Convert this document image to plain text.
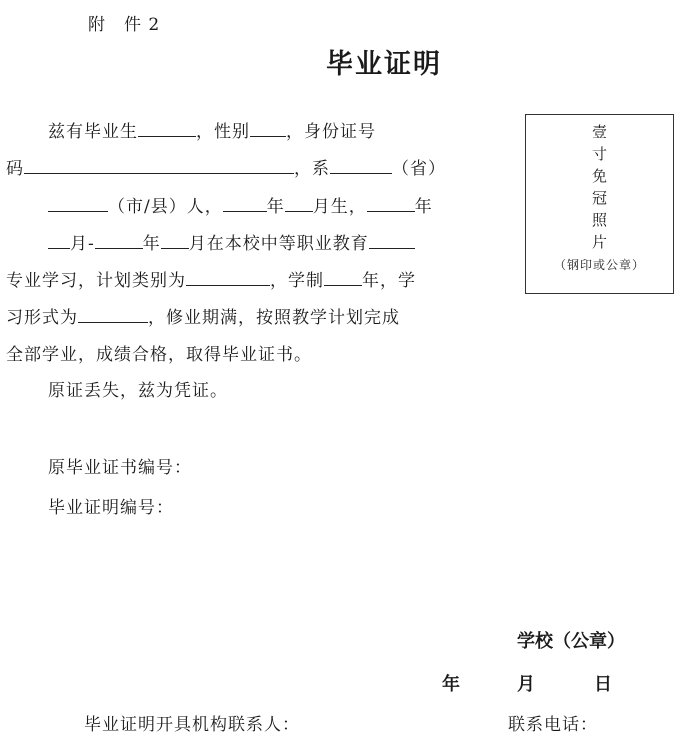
附　件 2
毕业证明
兹有毕业生	，性别 ，身份证号
码	，系	（省）
（市/县）人，	年 月生，	年
月-	年 月在本校中等职业教育
专业学习，计划类别为	，学制 年，学
习形式为	，修业期满，按照教学计划完成
全部学业，成绩合格，取得毕业证书。
原证丢失，兹为凭证。
原毕业证书编号：
毕业证明编号：
壹
寸
免
冠
照
片
（钢印或公章）
学校（公章）
年	月	日
毕业证明开具机构联系人：	联系电话：
